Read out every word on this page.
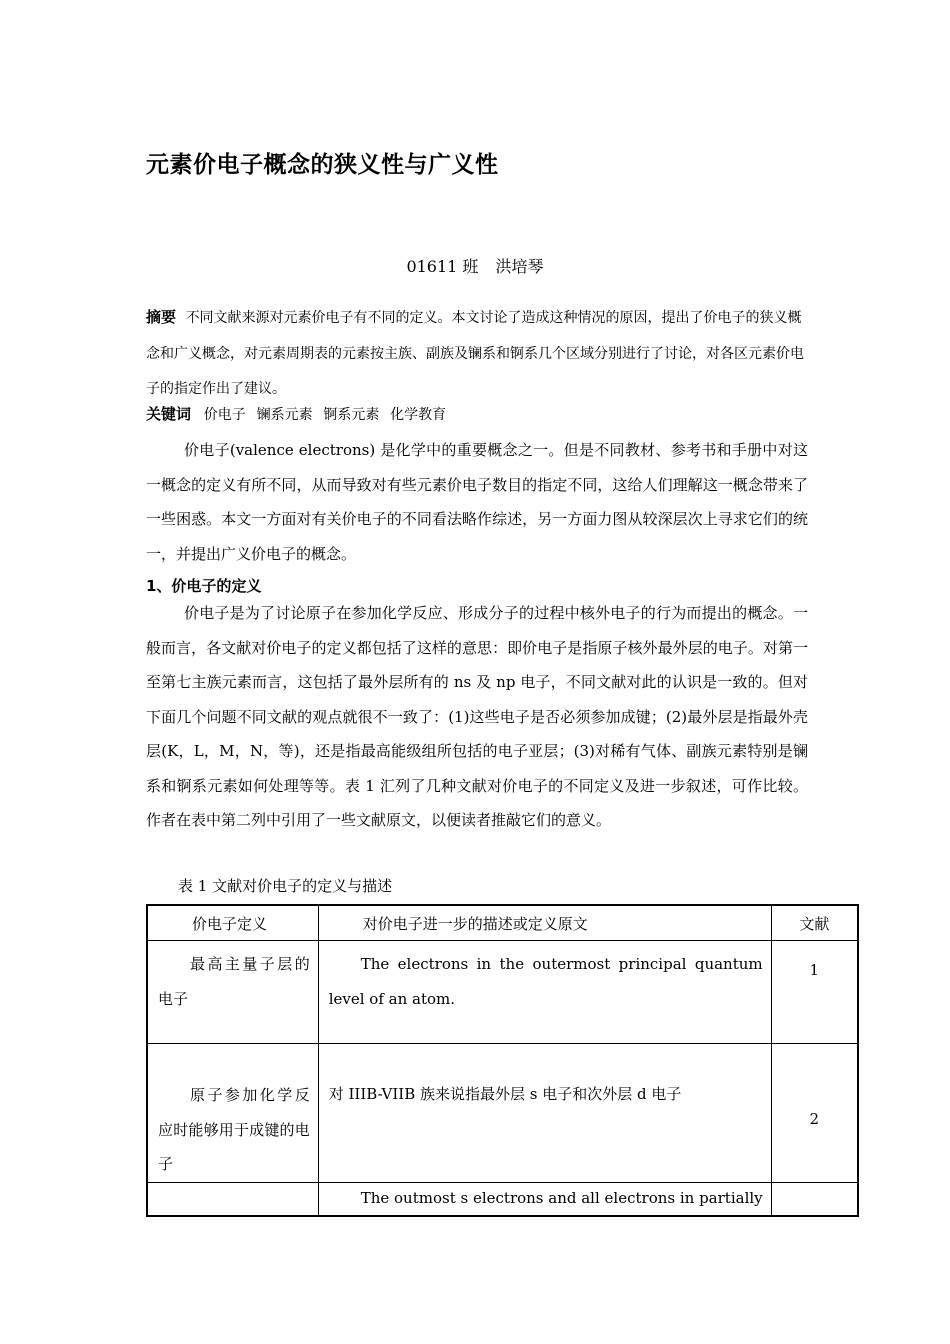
元素价电子概念的狭义性与广义性
01611 班 洪培琴
摘要 不同文献来源对元素价电子有不同的定义。本文讨论了造成这种情况的原因，提出了价电子的狭义概念和广义概念，对元素周期表的元素按主族、副族及镧系和锕系几个区域分别进行了讨论，对各区元素价电子的指定作出了建议。
关键词 价电子 镧系元素 锕系元素 化学教育
价电子(valence electrons) 是化学中的重要概念之一。但是不同教材、参考书和手册中对这一概念的定义有所不同，从而导致对有些元素价电子数目的指定不同，这给人们理解这一概念带来了一些困惑。本文一方面对有关价电子的不同看法略作综述，另一方面力图从较深层次上寻求它们的统一，并提出广义价电子的概念。
1、价电子的定义
价电子是为了讨论原子在参加化学反应、形成分子的过程中核外电子的行为而提出的概念。一般而言，各文献对价电子的定义都包括了这样的意思：即价电子是指原子核外最外层的电子。对第一至第七主族元素而言，这包括了最外层所有的 ns 及 np 电子，不同文献对此的认识是一致的。但对下面几个问题不同文献的观点就很不一致了：(1)这些电子是否必须参加成键；(2)最外层是指最外壳层(K，L，M，N，等)，还是指最高能级组所包括的电子亚层；(3)对稀有气体、副族元素特别是镧系和锕系元素如何处理等等。表 1 汇列了几种文献对价电子的不同定义及进一步叙述，可作比较。作者在表中第二列中引用了一些文献原文，以便读者推敲它们的意义。
表 1 文献对价电子的定义与描述
价电子定义	对价电子进一步的描述或定义原文	文献

最高主量子层的电子	The electrons in the outermost principal quantum level of an atom.	1

原子参加化学反应时能够用于成键的电子	对 IIIB-VIIB 族来说指最外层 s 电子和次外层 d 电子	2

	The outmost s electrons and all electrons in partially	
